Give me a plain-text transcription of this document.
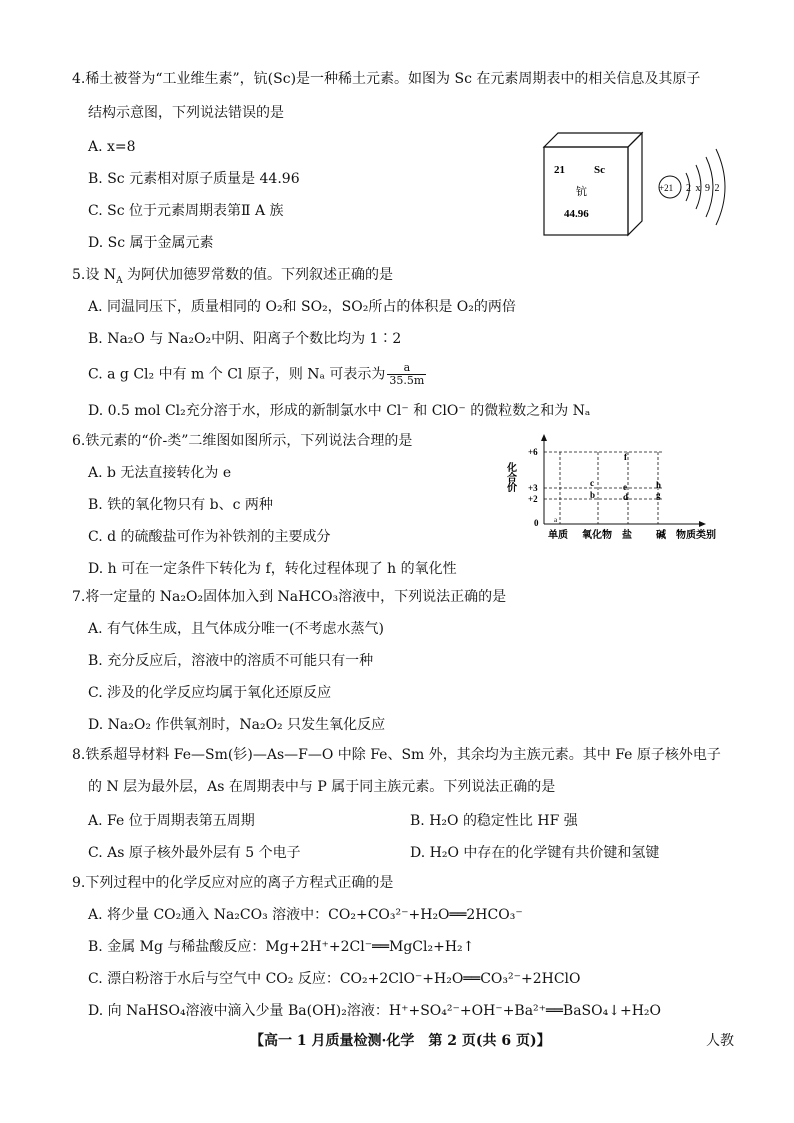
4.稀土被誉为“工业维生素”，钪(Sc)是一种稀土元素。如图为 Sc 在元素周期表中的相关信息及其原子
结构示意图，下列说法错误的是
A. x=8
B. Sc 元素相对原子质量是 44.96
C. Sc 位于元素周期表第Ⅱ A 族
D. Sc 属于金属元素
21	Sc
钪
44.96
+21 2 x 9 2
5.设 $N_A$ 为阿伏加德罗常数的值。下列叙述正确的是
A. 同温同压下，质量相同的 O₂和 SO₂，SO₂所占的体积是 O₂的两倍
B. Na₂O 与 Na₂O₂中阴、阳离子个数比均为 1∶2
C. a g Cl₂ 中有 m 个 Cl 原子，则 Nₐ 可表示为 $\frac{a}{35.5m}$
D. 0.5 mol Cl₂充分溶于水，形成的新制氯水中 Cl⁻ 和 ClO⁻ 的微粒数之和为 Nₐ
6.铁元素的“价-类”二维图如图所示，下列说法合理的是
A. b 无法直接转化为 e
B. 铁的氧化物只有 b、c 两种
C. d 的硫酸盐可作为补铁剂的主要成分
D. h 可在一定条件下转化为 f，转化过程体现了 h 的氧化性
化合价
+6
+3
+2
0
f
c
b
e
d
h
g
a
单质 氧化物 盐 碱 物质类别
7.将一定量的 Na₂O₂固体加入到 NaHCO₃溶液中，下列说法正确的是
A. 有气体生成，且气体成分唯一(不考虑水蒸气)
B. 充分反应后，溶液中的溶质不可能只有一种
C. 涉及的化学反应均属于氧化还原反应
D. Na₂O₂ 作供氧剂时，Na₂O₂ 只发生氧化反应
8.铁系超导材料 Fe—Sm(钐)—As—F—O 中除 Fe、Sm 外，其余均为主族元素。其中 Fe 原子核外电子
的 N 层为最外层，As 在周期表中与 P 属于同主族元素。下列说法正确的是
A. Fe 位于周期表第五周期	B. H₂O 的稳定性比 HF 强
C. As 原子核外最外层有 5 个电子	D. H₂O 中存在的化学键有共价键和氢键
9.下列过程中的化学反应对应的离子方程式正确的是
A. 将少量 CO₂通入 Na₂CO₃ 溶液中：CO₂+CO₃²⁻+H₂O══2HCO₃⁻
B. 金属 Mg 与稀盐酸反应：Mg+2H⁺+2Cl⁻══MgCl₂+H₂↑
C. 漂白粉溶于水后与空气中 CO₂ 反应：CO₂+2ClO⁻+H₂O══CO₃²⁻+2HClO
D. 向 NaHSO₄溶液中滴入少量 Ba(OH)₂溶液：H⁺+SO₄²⁻+OH⁻+Ba²⁺══BaSO₄↓+H₂O
【高一 1 月质量检测·化学　第 2 页(共 6 页)】	人教
